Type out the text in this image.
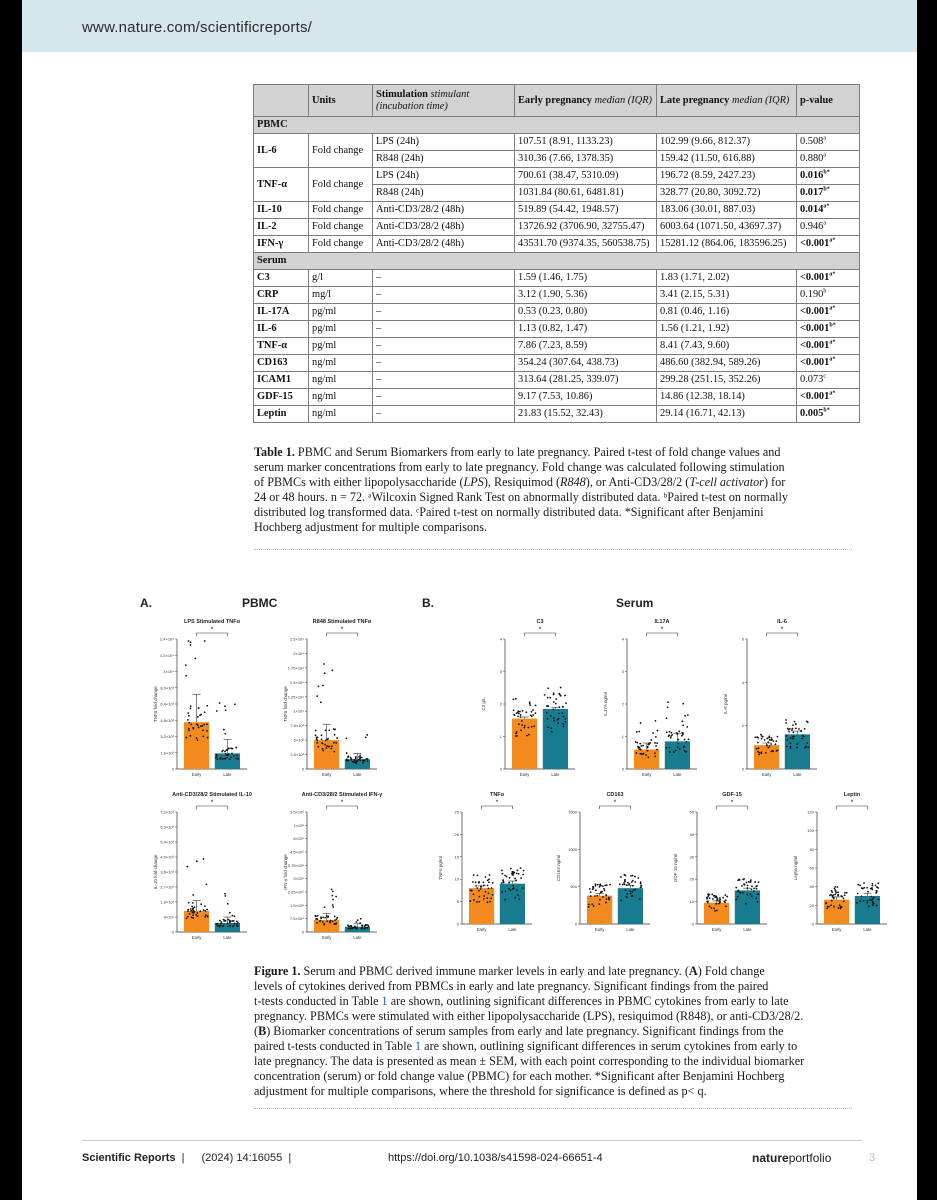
www.nature.com/scientificreports/
	Units	Stimulation stimulant
(incubation time)	Early pregnancy median (IQR)	Late pregnancy median (IQR)	p-value
PBMC					
IL-6	Fold change	LPS (24h)	107.51 (8.91, 1133.23)	102.99 (9.66, 812.37)	0.508$^a$
		R848 (24h)	310.36 (7.66, 1378.35)	159.42 (11.50, 616.88)	0.880$^a$
TNF-α	Fold change	LPS (24h)	700.61 (38.47, 5310.09)	196.72 (8.59, 2427.23)	$0.016^{b*}$
		R848 (24h)	1031.84 (80.61, 6481.81)	328.77 (20.80, 3092.72)	$0.017^{b*}$
IL-10	Fold change	Anti-CD3/28/2 (48h)	519.89 (54.42, 1948.57)	183.06 (30.01, 887.03)	$0.014^{a*}$
IL-2	Fold change	Anti-CD3/28/2 (48h)	13726.92 (3706.90, 32755.47)	6003.64 (1071.50, 43697.37)	0.946$^a$
IFN-γ	Fold change	Anti-CD3/28/2 (48h)	43531.70 (9374.35, 560538.75)	15281.12 (864.06, 183596.25)	$<0.001^{a*}$
Serum					
C3	g/l	–	1.59 (1.46, 1.75)	1.83 (1.71, 2.02)	$<0.001^{a*}$
CRP	mg/l	–	3.12 (1.90, 5.36)	3.41 (2.15, 5.31)	0.190$^b$
IL-17A	pg/ml	–	0.53 (0.23, 0.80)	0.81 (0.46, 1.16)	$<0.001^{a*}$
IL-6	pg/ml	–	1.13 (0.82, 1.47)	1.56 (1.21, 1.92)	$<0.001^{b*}$
TNF-α	pg/ml	–	7.86 (7.23, 8.59)	8.41 (7.43, 9.60)	$<0.001^{a*}$
CD163	ng/ml	–	354.24 (307.64, 438.73)	486.60 (382.94, 589.26)	$<0.001^{a*}$
ICAM1	ng/ml	–	313.64 (281.25, 339.07)	299.28 (251.15, 352.26)	0.073$^c$
GDF-15	ng/ml	–	9.17 (7.53, 10.86)	14.86 (12.38, 18.14)	$<0.001^{a*}$
Leptin	ng/ml	–	21.83 (15.52, 32.43)	29.14 (16.71, 42.13)	$0.005^{b*}$
Table 1. PBMC and Serum Biomarkers from early to late pregnancy. Paired t-test of fold change values and
serum marker concentrations from early to late pregnancy. Fold change was calculated following stimulation
of PBMCs with either lipopolysaccharide (LPS), Resiquimod (R848), or Anti-CD3/28/2 (T-cell activator) for
24 or 48 hours. n = 72. ᵃWilcoxin Signed Rank Test on abnormally distributed data. ᵇPaired t-test on normally
distributed log transformed data. ᶜPaired t-test on normally distributed data. *Significant after Benjamini
Hochberg adjustment for multiple comparisons.
A.	PBMC	B.	Serum
LPS Stimulated TNFα
0
1.6×10³
3.2×10³
4.8×10³
6.4×10³
8.0×10³
1×10⁴
1.2×10⁴
1.4×10⁴
TNFα fold change
Early	Late
*
R848 Stimulated TNFα
0
2.5×10³
5×10³
7.5×10³
1×10⁴
1.25×10⁴
1.5×10⁴
1.75×10⁴
2×10⁴
2.5×10⁴
TNFα fold change
Early	Late
*
C3
0
1
2
3
4
C3 g/L
Early	Late
*
IL17A
0
1
2
3
4
IL17A ng/ml
Early	Late
*
IL-6
0
2
4
6
IL-6 pg/ml
Early	Late
*
Anti-CD3/28/2 Stimulated IL-10
0
9×10²
1.8×10³
2.7×10³
3.6×10³
4.5×10³
5.4×10³
6.3×10³
7.2×10³
IL-10 fold change
Early	Late
*
Anti-CD3/28/2 Stimulated IFN-γ
0
7.5×10⁴
1.5×10⁵
2.25×10⁵
3×10⁵
3.75×10⁵
4.5×10⁵
6×10⁵
1×10⁶
1.5×10⁶
IFN-γ fold change
Early	Late
*
TNFα
0
5
10
15
20
25
TNFα pg/ml
Early	Late
*
CD163
0
500
1000
1500
CD163 ng/ml
Early	Late
*
GDF-15
0
10
20
30
40
50
GDF-15 ng/ml
Early	Late
*
Leptin
0
20
40
60
80
100
120
Leptin ng/ml
Early	Late
*
Figure 1. Serum and PBMC derived immune marker levels in early and late pregnancy. (A) Fold change
levels of cytokines derived from PBMCs in early and late pregnancy. Significant findings from the paired
t-tests conducted in Table 1 are shown, outlining significant differences in PBMC cytokines from early to late
pregnancy. PBMCs were stimulated with either lipopolysaccharide (LPS), resiquimod (R848), or anti-CD3/28/2.
(B) Biomarker concentrations of serum samples from early and late pregnancy. Significant findings from the
paired t-tests conducted in Table 1 are shown, outlining significant differences in serum cytokines from early to
late pregnancy. The data is presented as mean ± SEM, with each point corresponding to the individual biomarker
concentration (serum) or fold change value (PBMC) for each mother. *Significant after Benjamini Hochberg
adjustment for multiple comparisons, where the threshold for significance is defined as p< q.
Scientific Reports | (2024) 14:16055 |	https://doi.org/10.1038/s41598-024-66651-4	natureportfolio	3
